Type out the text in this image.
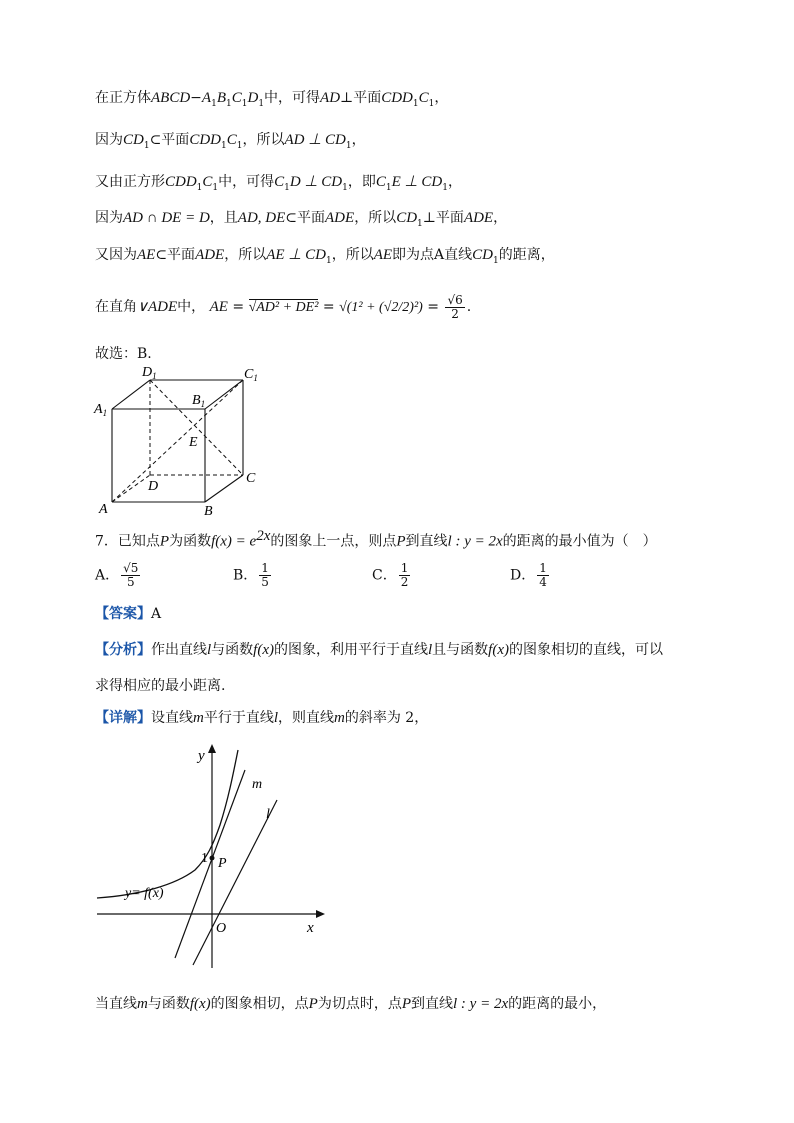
在正方体$ABCD-A_1B_1C_1D_1$中，可得AD⊥平面$CDD_1C_1$，
因为$CD_1\subset$平面$CDD_1C_1$，所以AD ⊥ $CD_1$，
又由正方形$CDD_1C_1$中，可得$C_1D$ ⊥ $CD_1$，即$C_1E$ ⊥ $CD_1$，
因为AD ∩ DE = D，且AD, DE⊂平面ADE，所以$CD_1\perp$平面ADE，
又因为AE⊂平面ADE，所以AE ⊥ $CD_1$，所以AE即为点A直线$CD_1$的距离，
在直角∨ADE中， AE = $√AD^2 + DE^2 = √(1^2 + (√2/2)^2) = \frac{√6}{2}$ .
故选：B.
$D_1$	$C_1$
$A_1$
$B_1$
E
D
C
A	B
7．已知点P为函数$f(x) = e^{2x}$的图象上一点，则点P到直线l : y = 2x的距离的最小值为（　）
A． $\frac{√5}{5}$	B． $\frac{1}{5}$	C． $\frac{1}{2}$	D． $\frac{1}{4}$
【答案】A
【分析】作出直线l与函数f(x)的图象，利用平行于直线l且与函数f(x)的图象相切的直线，可以
求得相应的最小距离.
【详解】设直线m平行于直线l，则直线m的斜率为 2，
y
x
O
1 P
m
l
y= f(x)
当直线m与函数f(x)的图象相切，点P为切点时，点P到直线l : y = 2x的距离的最小，
